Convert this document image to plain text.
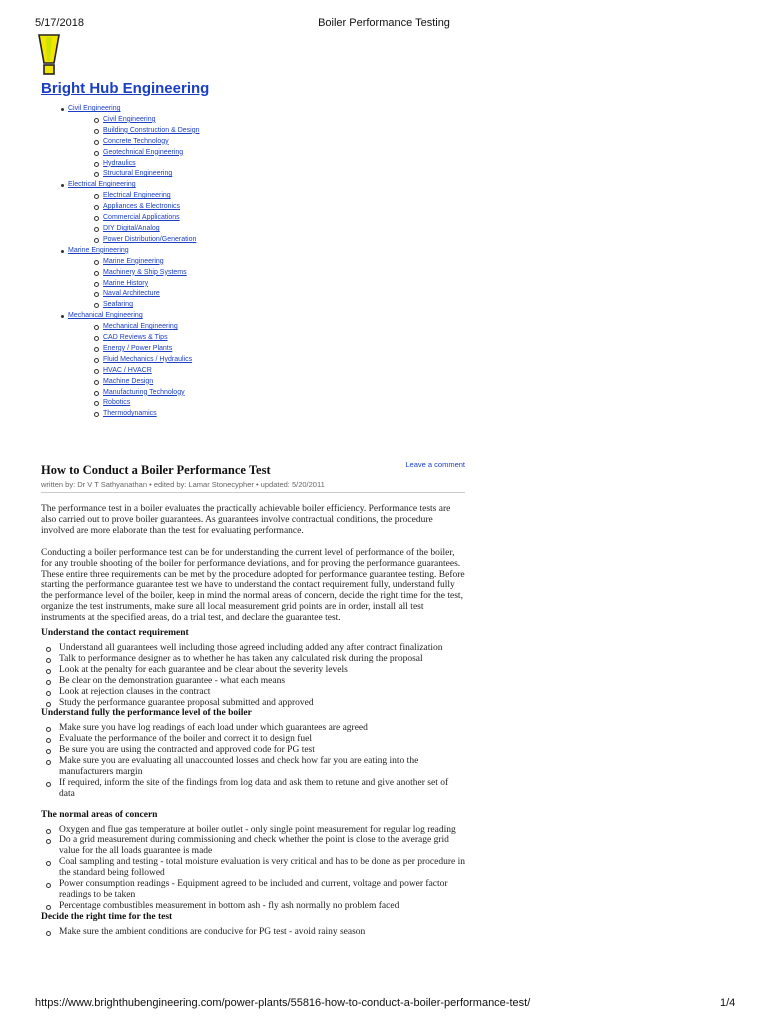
5/17/2018	Boiler Performance Testing
Bright Hub Engineering
Civil Engineering
Civil Engineering
Building Construction & Design
Concrete Technology
Geotechnical Engineering
Hydraulics
Structural Engineering
Electrical Engineering
Electrical Engineering
Appliances & Electronics
Commercial Applications
DIY Digital/Analog
Power Distribution/Generation
Marine Engineering
Marine Engineering
Machinery & Ship Systems
Marine History
Naval Architecture
Seafaring
Mechanical Engineering
Mechanical Engineering
CAD Reviews & Tips
Energy / Power Plants
Fluid Mechanics / Hydraulics
HVAC / HVACR
Machine Design
Manufacturing Technology
Robotics
Thermodynamics
How to Conduct a Boiler Performance Test	Leave a comment
written by: Dr V T Sathyanathan • edited by: Lamar Stonecypher • updated: 5/20/2011

The performance test in a boiler evaluates the practically achievable boiler efficiency. Performance tests are also carried out to prove boiler guarantees. As guarantees involve contractual conditions, the procedure involved are more elaborate than the test for evaluating performance.

Conducting a boiler performance test can be for understanding the current level of performance of the boiler, for any trouble shooting of the boiler for performance deviations, and for proving the performance guarantees. These entire three requirements can be met by the procedure adopted for performance guarantee testing. Before starting the performance guarantee test we have to understand the contact requirement fully, understand fully the performance level of the boiler, keep in mind the normal areas of concern, decide the right time for the test, organize the test instruments, make sure all local measurement grid points are in order, install all test instruments at the specified areas, do a trial test, and declare the guarantee test.

Understand the contact requirement
Understand all guarantees well including those agreed including added any after contract finalization
Talk to performance designer as to whether he has taken any calculated risk during the proposal
Look at the penalty for each guarantee and be clear about the severity levels
Be clear on the demonstration guarantee - what each means
Look at rejection clauses in the contract
Study the performance guarantee proposal submitted and approved
Understand fully the performance level of the boiler
Make sure you have log readings of each load under which guarantees are agreed
Evaluate the performance of the boiler and correct it to design fuel
Be sure you are using the contracted and approved code for PG test
Make sure you are evaluating all unaccounted losses and check how far you are eating into the manufacturers margin
If required, inform the site of the findings from log data and ask them to retune and give another set of data
The normal areas of concern
Oxygen and flue gas temperature at boiler outlet - only single point measurement for regular log reading
Do a grid measurement during commissioning and check whether the point is close to the average grid value for the all loads guarantee is made
Coal sampling and testing - total moisture evaluation is very critical and has to be done as per procedure in the standard being followed
Power consumption readings - Equipment agreed to be included and current, voltage and power factor readings to be taken
Percentage combustibles measurement in bottom ash - fly ash normally no problem faced
Decide the right time for the test
Make sure the ambient conditions are conducive for PG test - avoid rainy season
https://www.brighthubengineering.com/power-plants/55816-how-to-conduct-a-boiler-performance-test/	1/4
